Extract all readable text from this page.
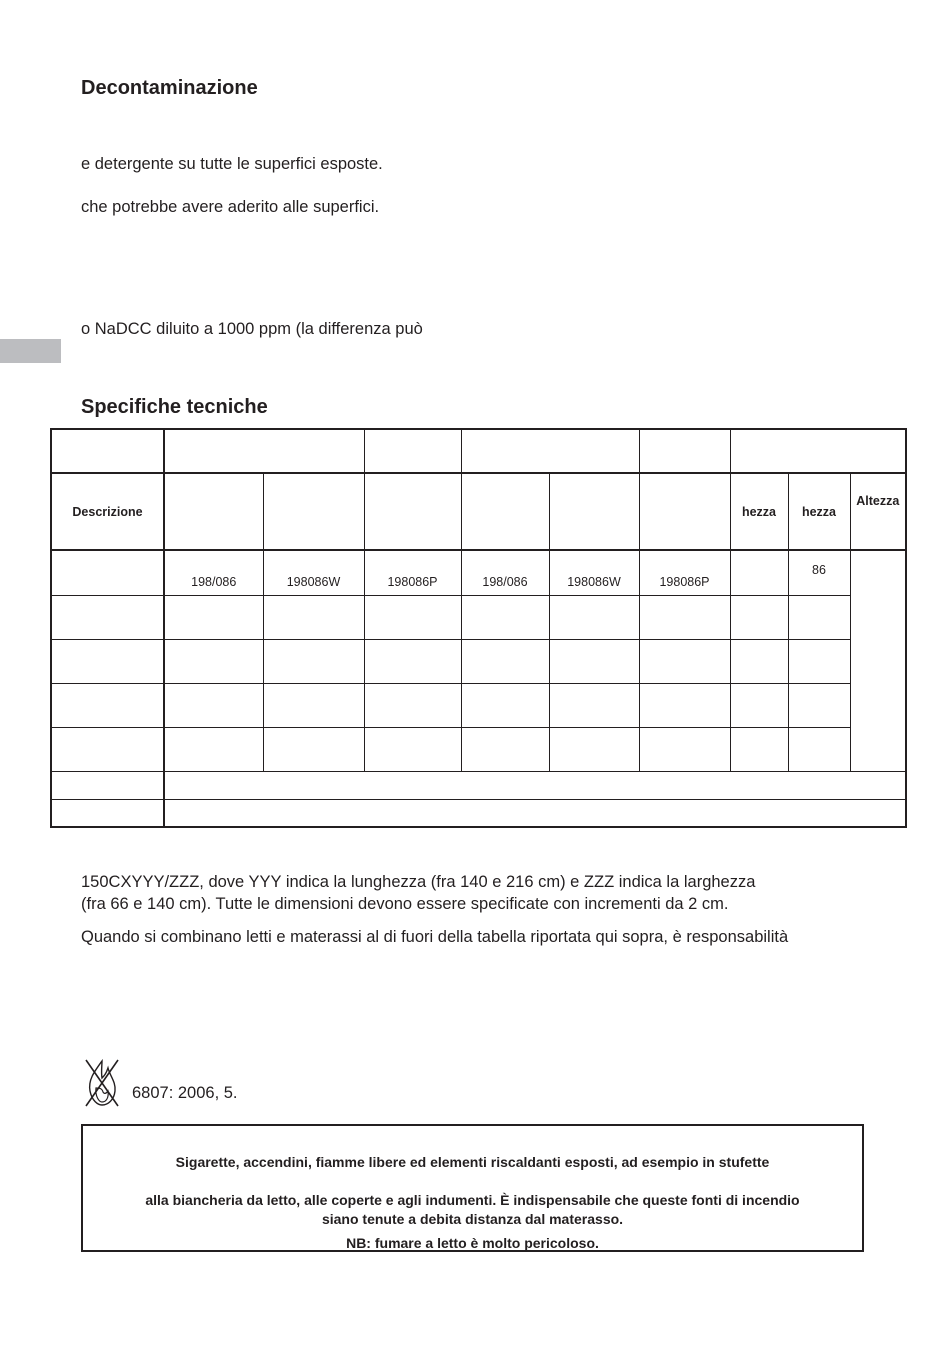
Decontaminazione
e detergente su tutte le superfici esposte.
che potrebbe avere aderito alle superfici.
o NaDCC diluito a 1000 ppm (la differenza può
Specifiche tecniche

Descrizione							hezza	hezza	Altezza
	198/086	198086W	198086P	198/086	198086W	198086P		86	

150CXYYY/ZZZ, dove YYY indica la lunghezza (fra 140 e 216 cm) e ZZZ indica la larghezza
(fra 66 e 140 cm). Tutte le dimensioni devono essere specificate con incrementi da 2 cm.
Quando si combinano letti e materassi al di fuori della tabella riportata qui sopra, è responsabilità
6807: 2006, 5.
Sigarette, accendini, fiamme libere ed elementi riscaldanti esposti, ad esempio in stufette
alla biancheria da letto, alle coperte e agli indumenti. È indispensabile che queste fonti di incendio
siano tenute a debita distanza dal materasso.
NB: fumare a letto è molto pericoloso.
